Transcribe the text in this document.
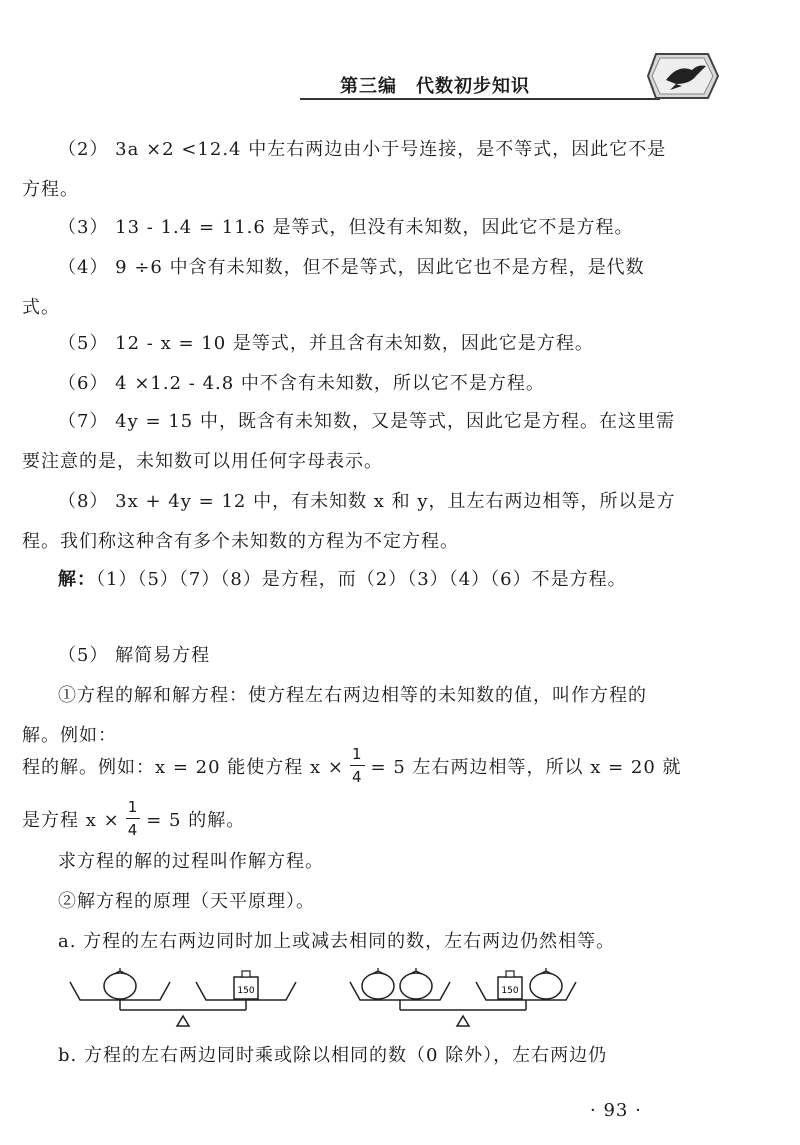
第三编　代数初步知识
（2） 3a ×2 <12.4 中左右两边由小于号连接，是不等式，因此它不是方程。
（3） 13 - 1.4 = 11.6 是等式，但没有未知数，因此它不是方程。
（4） 9 ÷6 中含有未知数，但不是等式，因此它也不是方程，是代数式。
（5） 12 - x = 10 是等式，并且含有未知数，因此它是方程。
（6） 4 ×1.2 - 4.8 中不含有未知数，所以它不是方程。
（7） 4y = 15 中，既含有未知数，又是等式，因此它是方程。在这里需要注意的是，未知数可以用任何字母表示。
（8） 3x + 4y = 12 中，有未知数 x 和 y，且左右两边相等，所以是方程。我们称这种含有多个未知数的方程为不定方程。
解：（1）（5）（7）（8）是方程，而（2）（3）（4）（6）不是方程。
（5） 解简易方程
①方程的解和解方程：使方程左右两边相等的未知数的值，叫作方程的解。例如：
程的解。例如： x = 20 能使方程 $x \times \frac{1}{4} = 5$ 左右两边相等，所以 x = 20 就
是方程 $x \times \frac{1}{4} = 5$ 的解。
求方程的解的过程叫作解方程。
②解方程的原理（天平原理）。
a. 方程的左右两边同时加上或减去相同的数，左右两边仍然相等。
150	150
b. 方程的左右两边同时乘或除以相同的数（0 除外），左右两边仍
· 93 ·
